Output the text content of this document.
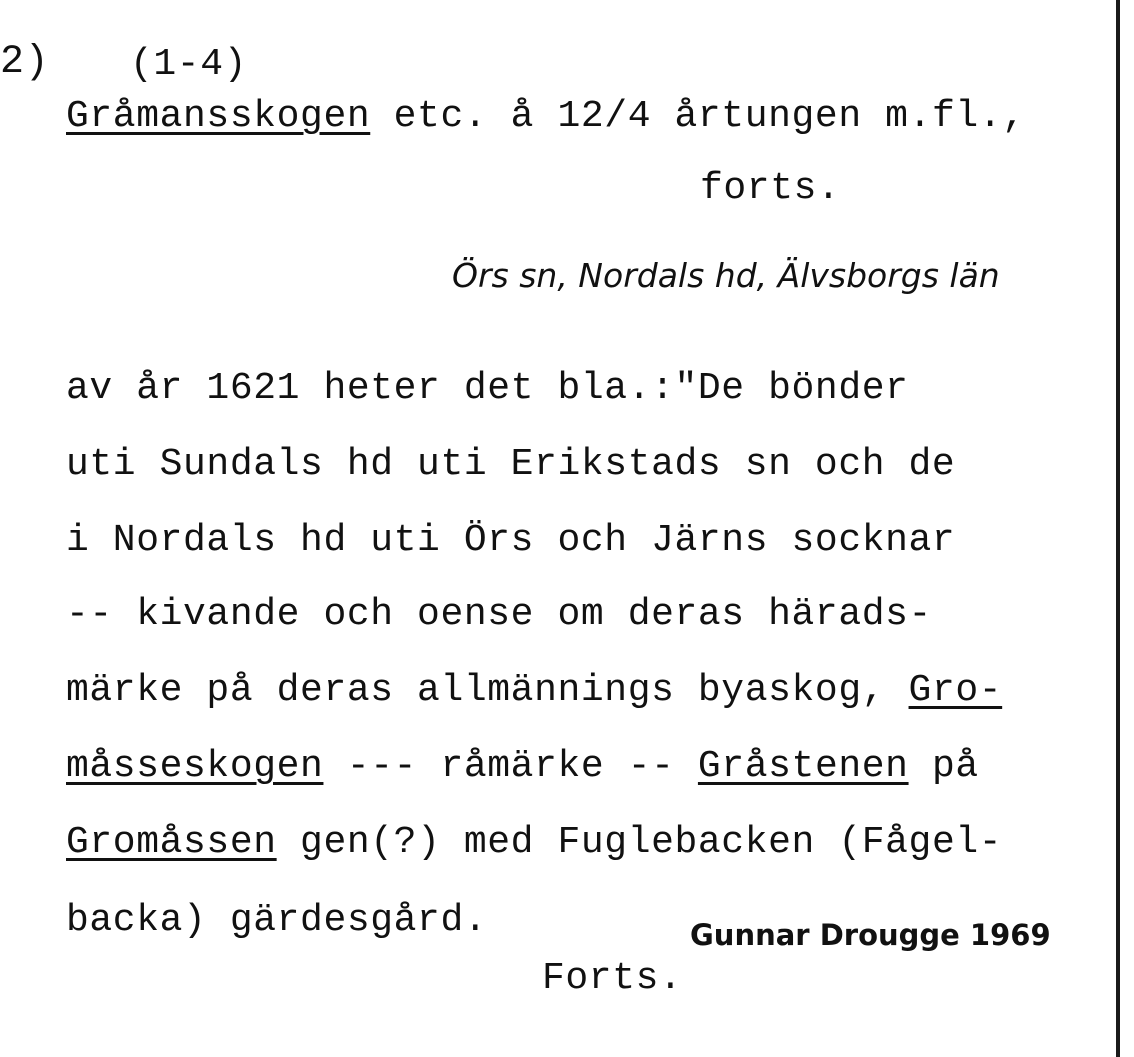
2) (1-4)
Gråmansskogen etc. å 12/4 årtungen m.fl.,
forts.
Örs sn, Nordals hd, Älvsborgs län
av år 1621 heter det bla.:"De bönder
uti Sundals hd uti Erikstads sn och de
i Nordals hd uti Örs och Järns socknar
-- kivande och oense om deras härads-
märke på deras allmännings byaskog, Gro-
måsseskogen --- råmärke -- Gråstenen på
Gromåssen gen(?) med Fuglebacken (Fågel-
backa) gärdesgård.	Gunnar Drougge 1969
Forts.
